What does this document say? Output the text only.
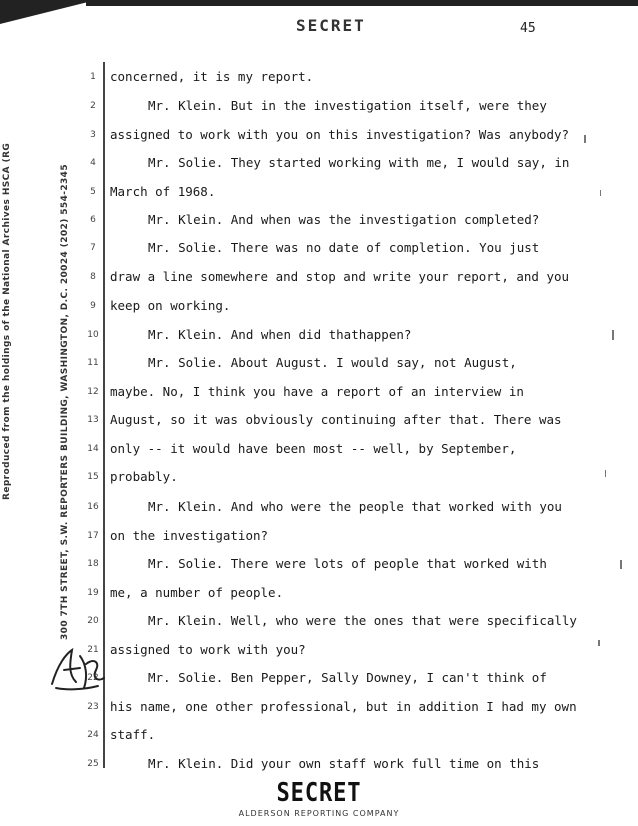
SECRET	45
Reproduced from the holdings of the National Archives HSCA (RG	300 7TH STREET, S.W. REPORTERS BUILDING, WASHINGTON, D.C. 20024 (202) 554-2345
1	concerned, it is my report.
2	Mr. Klein. But in the investigation itself, were they
3	assigned to work with you on this investigation? Was anybody?
4	Mr. Solie. They started working with me, I would say, in
5	March of 1968.
6	Mr. Klein. And when was the investigation completed?
7	Mr. Solie. There was no date of completion. You just
8	draw a line somewhere and stop and write your report, and you
9	keep on working.
10	Mr. Klein. And when did thathappen?
11	Mr. Solie. About August. I would say, not August,
12 maybe. No, I think you have a report of an interview in
13 August, so it was obviously continuing after that. There was
14 only -- it would have been most -- well, by September,
15 probably.
16	Mr. Klein. And who were the people that worked with you
17 on the investigation?
18	Mr. Solie. There were lots of people that worked with
19 me, a number of people.
20	Mr. Klein. Well, who were the ones that were specifically
21 assigned to work with you?
22	Mr. Solie. Ben Pepper, Sally Downey, I can't think of
23 his name, one other professional, but in addition I had my own
24 staff.
25	Mr. Klein. Did your own staff work full time on this
SECRET
ALDERSON REPORTING COMPANY
